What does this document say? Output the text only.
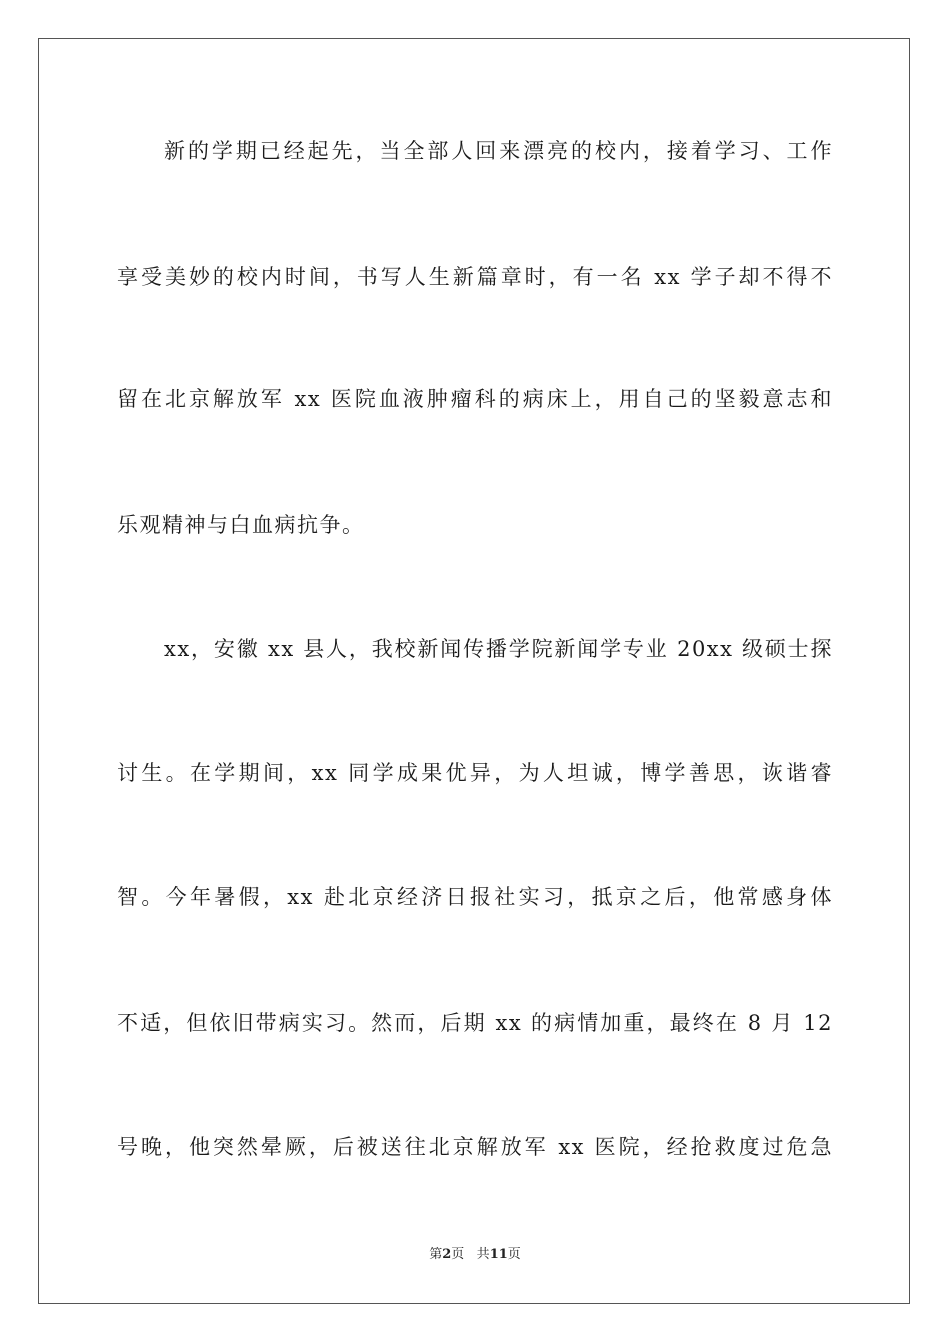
新的学期已经起先，当全部人回来漂亮的校内，接着学习、工作
享受美妙的校内时间，书写人生新篇章时，有一名 xx 学子却不得不
留在北京解放军 xx 医院血液肿瘤科的病床上，用自己的坚毅意志和
乐观精神与白血病抗争。
xx，安徽 xx 县人，我校新闻传播学院新闻学专业 20xx 级硕士探
讨生。在学期间，xx 同学成果优异，为人坦诚，博学善思，诙谐睿
智。今年暑假，xx 赴北京经济日报社实习，抵京之后，他常感身体
不适，但依旧带病实习。然而，后期 xx 的病情加重，最终在 8 月 12
号晚，他突然晕厥，后被送往北京解放军 xx 医院，经抢救度过危急
第2页 共11页
